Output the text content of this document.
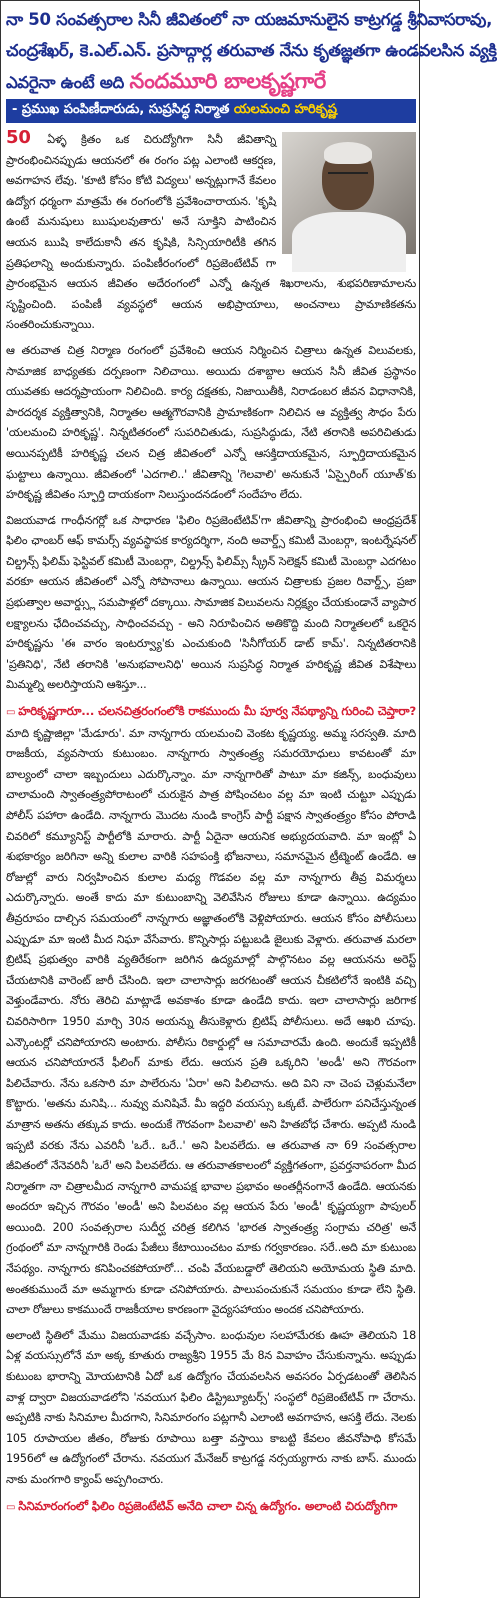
నా 50 సంవత్సరాల సినీ జీవితంలో నా యజమానులైన కాట్రగడ్డ శ్రీనివాసరావు,
చంద్రశేఖర్, కె.ఎల్.ఎన్. ప్రసాద్గార్ల తరువాత నేను కృతజ్ఞతగా ఉండవలసిన వ్యక్తి
ఎవరైనా ఉంటే అది నందమూరి బాలకృష్ణగారే
- ప్రముఖ పంపిణీదారుడు, సుప్రసిద్ధ నిర్మాత యలమంచి హరికృష్ణ

50 ఏళ్ళ క్రితం ఒక చిరుద్యోగిగా సినీ జీవితాన్ని ప్రారంభించినప్పుడు ఆయనలో ఈ రంగం పట్ల ఎలాంటి ఆకర్షణ, అవగాహన లేవు. 'కూటి కోసం కోటి విద్యలు' అన్నట్లుగానే కేవలం ఉద్యోగ ధర్మంగా మాత్రమే ఈ రంగంలోకి ప్రవేశించారాయన. 'కృషి ఉంటే మనుషులు ఋషులవుతారు' అనే సూక్తిని పాటించిన ఆయన ఋషి కాలేదుకానీ తన కృషికి, సిన్సియారిటీకి తగిన ప్రతిఫలాన్ని అందుకున్నారు. పంపిణీరంగంలో రిప్రజెంటేటివ్ గా ప్రారంభమైన ఆయన జీవితం అదేరంగంలో ఎన్నో ఉన్నత శిఖరాలను, శుభపరిణామాలను సృష్టించింది. పంపిణీ వ్యవస్థలో ఆయన అభిప్రాయాలు, అంచనాలు ప్రామాణికతను సంతరించుకున్నాయి.

ఆ తరువాత చిత్ర నిర్మాణ రంగంలో ప్రవేశించి ఆయన నిర్మించిన చిత్రాలు ఉన్నత విలువలకు, సామాజిక బాధ్యతకు దర్పణంగా నిలిచాయి. అయిదు దశాబ్దాల ఆయన సినీ జీవిత ప్రస్థానం యువతకు ఆదర్శప్రాయంగా నిలిచింది. కార్య దక్షతకు, నిజాయితీకి, నిరాడంబర జీవన విధానానికి, పారదర్శక వ్యక్తిత్వానికి, నిర్మాతల ఆత్మగౌరవానికి ప్రామాణికంగా నిలిచిన ఆ వ్యక్తిత్వ సౌధం పేరు 'యలమంచి హరికృష్ణ'. నిన్నటితరంలో సుపరిచితుడు, సుప్రసిద్ధుడు, నేటి తరానికి అపరిచితుడు అయినప్పటికీ హరికృష్ణ చలన చిత్ర జీవితంలో ఎన్నో ఆసక్తిదాయకమైన, స్ఫూర్తిదాయకమైన ఘట్టాలు ఉన్నాయి. జీవితంలో 'ఎదగాలి..' జీవితాన్ని 'గెలవాలి' అనుకునే 'ఏస్పైరింగ్ యూత్'కు హరికృష్ణ జీవితం స్ఫూర్తి దాయకంగా నిలుస్తుందనడంలో సందేహం లేదు.

విజయవాడ గాంధీనగర్లో ఒక సాధారణ 'ఫిలిం రిప్రజెంటేటివ్'గా జీవితాన్ని ప్రారంభించి ఆంధ్రప్రదేశ్ ఫిలిం ఛాంబర్ ఆఫ్ కామర్స్ వ్యవస్థాపక కార్యదర్శిగా, నంది అవార్డ్స్ కమిటీ మెంబర్గా, ఇంటర్నేషనల్ చిల్డ్రన్స్ ఫిలిమ్ ఫెస్టివల్ కమిటీ మెంబర్గా, చిల్డ్రన్స్ ఫిలిమ్స్ స్క్రీన్ సెలెక్షన్ కమిటీ మెంబర్గా ఎదగటం వరకూ ఆయన జీవితంలో ఎన్నో సోపానాలు ఉన్నాయి. ఆయన చిత్రాలకు ప్రజల రివార్డ్స్, ప్రజా ప్రభుత్వాల అవార్డ్స్లు సమపాళ్లలో దక్కాయి. సామాజిక విలువలను నిర్లక్ష్యం చేయకుండానే వ్యాపార లక్ష్యాలను ఛేదించవచ్చు, సాధించవచ్చు - అని నిరూపించిన అతికొద్ది మంది నిర్మాతలలో ఒకరైన హరికృష్ణను 'ఈ వారం ఇంటర్వ్యూ'కు ఎంచుకుంది 'సినీగోయర్ డాట్ కామ్'. నిన్నటితరానికి 'ప్రతినిధి', నేటి తరానికి 'అనుభవాలనిధి' అయిన సుప్రసిద్ధ నిర్మాత హరికృష్ణ జీవిత విశేషాలు మిమ్మల్ని అలరిస్తాయని ఆశిస్తూ...

▭ హరికృష్ణగారూ... చలనచిత్రరంగంలోకి రాకముందు మీ పూర్వ నేపథ్యాన్ని గురించి చెప్తారా? మాది కృష్ణాజిల్లా 'మేడూరు'. మా నాన్నగారు యలమంచి వెంకట కృష్ణయ్య. అమ్మ సరస్వతి. మాది రాజకీయ, వ్యవసాయ కుటుంబం. నాన్నగారు స్వాతంత్ర్య సమరయోధులు కావటంతో మా బాల్యంలో చాలా ఇబ్బందులు ఎదుర్కొన్నాం. మా నాన్నగారితో పాటూ మా కజిన్స్, బంధువులు చాలామంది స్వాతంత్ర్యపోరాటంలో చురుకైన పాత్ర పోషించటం వల్ల మా ఇంటి చుట్టూ ఎప్పుడు పోలీస్ పహారా ఉండేది. నాన్నగారు మొదట నుండి కాంగ్రెస్ పార్టీ పక్షాన స్వాతంత్ర్యం కోసం పోరాడి చివరిలో కమ్యూనిస్ట్ పార్టీలోకి మారారు. పార్టీ ఏదైనా ఆయనిక అభ్యుదయవాది. మా ఇంట్లో ఏ శుభకార్యం జరిగినా అన్ని కులాల వారికి సహపంక్తి భోజనాలు, సమానమైన ట్రీట్మెంట్ ఉండేది. ఆ రోజుల్లో వారు నిర్వహించిన కులాల మధ్య గొడవల వల్ల మా నాన్నగారు తీవ్ర విమర్శలు ఎదుర్కొన్నారు. అంతే కాదు మా కుటుంబాన్ని వెలివేసిన రోజులు కూడా ఉన్నాయి. ఉద్యమం తీవ్రరూపం దాల్చిన సమయంలో నాన్నగారు అజ్ఞాతంలోకి వెళ్లిపోయారు. ఆయన కోసం పోలీసులు ఎప్పుడూ మా ఇంటి మీద నిఘా వేసేవారు. కొన్నిసార్లు పట్టుబడి జైలుకు వెళ్లారు. తరువాత మరలా బ్రిటిష్ ప్రభుత్వం వారికి వ్యతిరేకంగా జరిగిన ఉద్యమాల్లో పాల్గొనటం వల్ల ఆయనను అరెస్ట్ చేయటానికి వారెంట్ జారీ చేసింది. ఇలా చాలాసార్లు జరగటంతో ఆయన చీకటిలోనే ఇంటికి వచ్చి వెళ్తుండేవారు. నోరు తెరిచి మాట్లాడే అవకాశం కూడా ఉండేది కాదు. ఇలా చాలాసార్లు జరిగాక చివరిసారిగా 1950 మార్చి 30న అయన్ను తీసుకెళ్లారు బ్రిటిష్ పోలీసులు. అదే ఆఖరి చూపు. ఎన్కౌంటర్లో చనిపోయారని అంటారు. పోలీసు రికార్డుల్లో ఆ సమాచారమే ఉంది. అందుకే ఇప్పటికీ ఆయన చనిపోయారనే ఫీలింగ్ మాకు లేదు. ఆయన ప్రతి ఒక్కరిని 'అండీ' అని గౌరవంగా పిలిచేవారు. నేను ఒకసారి మా పాలేరును 'ఏరా' అని పిలిచాను. అది విని నా చెంప చెళ్లుమనేలా కొట్టారు. 'అతను మనిషి... నువ్వు మనిషివే. మీ ఇద్దరి వయస్సు ఒక్కటే. పాలేరుగా పనిచేస్తున్నంత మాత్రాన అతను తక్కువ కాదు. అందుకే గౌరవంగా పిలవాలి' అని హితబోధ చేశారు. అప్పటి నుండి ఇప్పటి వరకు నేను ఎవరినీ 'ఒరే.. ఒరే..' అని పిలవలేదు. ఆ తరువాత నా 69 సంవత్సరాల జీవితంలో నేనెవరినీ 'ఒరే' అని పిలవలేదు. ఆ తరువాతకాలంలో వ్యక్తిగతంగా, ప్రవర్తనాపరంగా మీద నిర్మాతగా నా చిత్రాలమీద నాన్నగారి వామపక్ష భావాల ప్రభావం అంతర్లీనంగానే ఉండేది. ఆయనకు అందరూ ఇచ్చిన గౌరవం 'అండీ' అని పిలవటం వల్ల ఆయన పేరు 'అండీ' కృష్ణయ్యగా పాపులర్ అయింది. 200 సంవత్సరాల సుదీర్ఘ చరిత్ర కలిగిన 'భారత స్వాతంత్ర్య సంగ్రామ చరిత్ర' అనే గ్రంథంలో మా నాన్నగారికి రెండు పేజీలు కేటాయించటం మాకు గర్వకారణం. సరే..అది మా కుటుంబ నేపథ్యం. నాన్నగారు కనిపించకపోయారో... చంపి వేయబడ్డారో తెలియని అయోమయ స్థితి మాది. అంతకుముందే మా అమ్మగారు కూడా చనిపోయారు. పాలుపంచుకునే సమయం కూడా లేని స్థితి. చాలా రోజులు కాకముందే రాజకీయాల కారణంగా వైద్యసహాయం అందక చనిపోయారు.

అలాంటి స్థితిలో మేము విజయవాడకు వచ్చేసాం. బంధువుల సలహామేరకు ఊహ తెలియని 18 ఏళ్ల వయస్సులోనే మా అక్క కూతురు రాజ్యశ్రీని 1955 మే 8న వివాహం చేసుకున్నాను. అప్పుడు కుటుంబ భారాన్ని మోయటానికి ఏదో ఒక ఉద్యోగం చేయవలసిన అవసరం ఏర్పడటంతో తెలిసిన వాళ్ల ద్వారా విజయవాడలోని 'నవయుగ ఫిలిం డిస్ట్రిబ్యూటర్స్' సంస్థలో రిప్రజెంటేటివ్ గా చేరాను. అప్పటికి నాకు సినిమాల మీదగాని, సినిమారంగం పట్లగానీ ఎలాంటి అవగాహన, ఆసక్తి లేదు. నెలకు 105 రూపాయల జీతం, రోజుకు రూపాయి బత్తా వస్తాయి కాబట్టి కేవలం జీవనోపాధి కోసమే 1956లో ఆ ఉద్యోగంలో చేరాను. నవయుగ మేనేజర్ కాట్రగడ్డ నర్సయ్యగారు నాకు బాస్. ముందు నాకు మంగగారి క్యాంప్ అప్పగించారు.

▭ సినిమారంగంలో ఫిలిం రిప్రజెంటేటివ్ అనేది చాలా చిన్న ఉద్యోగం. అలాంటి చిరుద్యోగిగా
